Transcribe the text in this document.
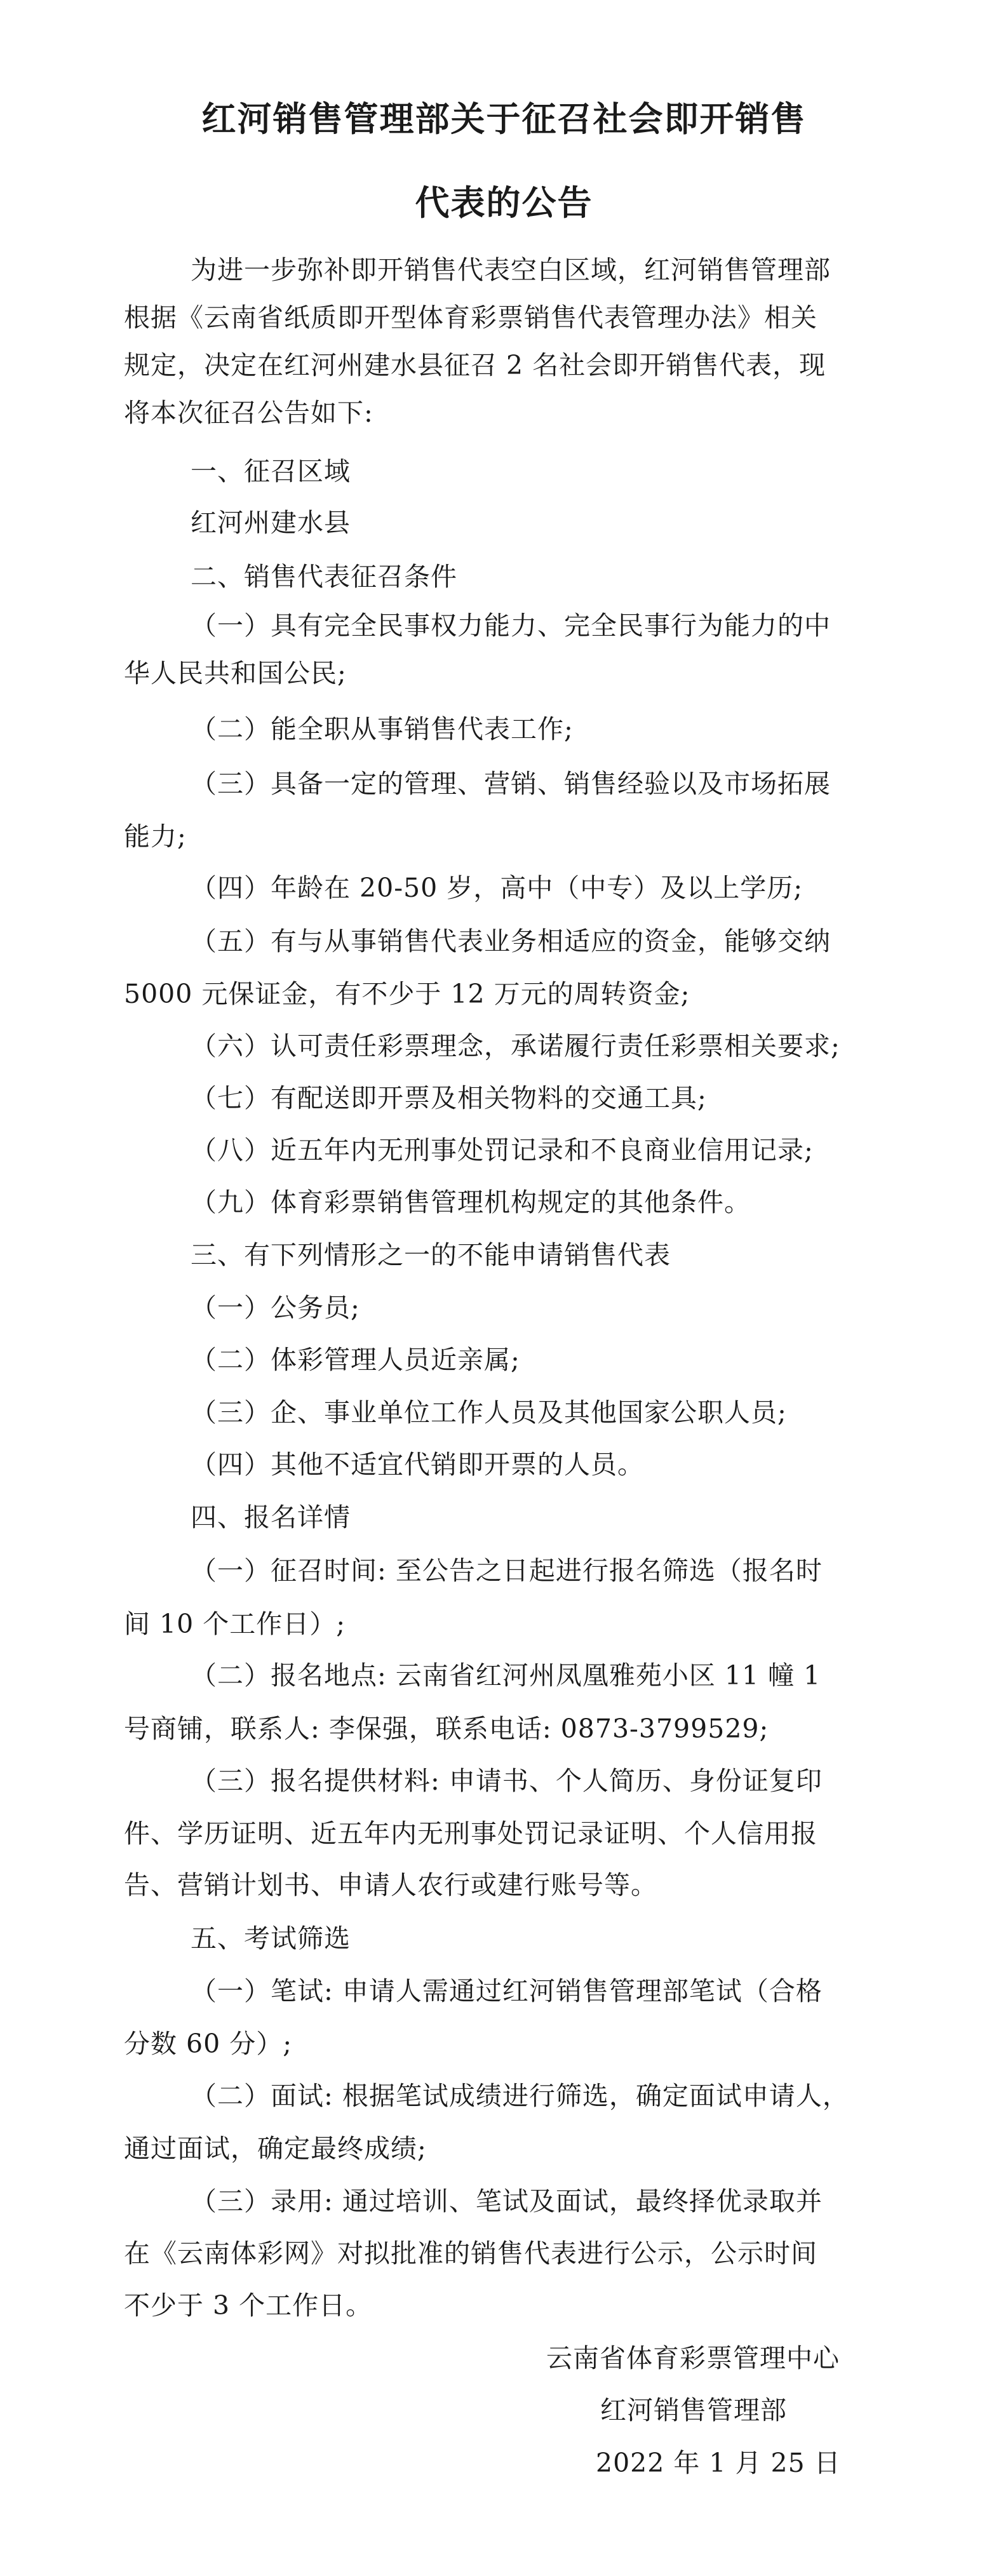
红河销售管理部关于征召社会即开销售
代表的公告
为进一步弥补即开销售代表空白区域，红河销售管理部
根据《云南省纸质即开型体育彩票销售代表管理办法》相关
规定，决定在红河州建水县征召 2 名社会即开销售代表，现
将本次征召公告如下:
一、征召区域
红河州建水县
二、销售代表征召条件
（一）具有完全民事权力能力、完全民事行为能力的中
华人民共和国公民;
（二）能全职从事销售代表工作;
（三）具备一定的管理、营销、销售经验以及市场拓展
能力;
（四）年龄在 20-50 岁，高中（中专）及以上学历;
（五）有与从事销售代表业务相适应的资金，能够交纳
5000 元保证金，有不少于 12 万元的周转资金;
（六）认可责任彩票理念，承诺履行责任彩票相关要求;
（七）有配送即开票及相关物料的交通工具;
（八）近五年内无刑事处罚记录和不良商业信用记录;
（九）体育彩票销售管理机构规定的其他条件。
三、有下列情形之一的不能申请销售代表
（一）公务员;
（二）体彩管理人员近亲属;
（三）企、事业单位工作人员及其他国家公职人员;
（四）其他不适宜代销即开票的人员。
四、报名详情
（一）征召时间: 至公告之日起进行报名筛选（报名时
间 10 个工作日）;
（二）报名地点: 云南省红河州凤凰雅苑小区 11 幢 1
号商铺，联系人: 李保强，联系电话: 0873-3799529;
（三）报名提供材料: 申请书、个人简历、身份证复印
件、学历证明、近五年内无刑事处罚记录证明、个人信用报
告、营销计划书、申请人农行或建行账号等。
五、考试筛选
（一）笔试: 申请人需通过红河销售管理部笔试（合格
分数 60 分）;
（二）面试: 根据笔试成绩进行筛选，确定面试申请人，
通过面试，确定最终成绩;
（三）录用: 通过培训、笔试及面试，最终择优录取并
在《云南体彩网》对拟批准的销售代表进行公示，公示时间
不少于 3 个工作日。
云南省体育彩票管理中心
红河销售管理部
2022 年 1 月 25 日
